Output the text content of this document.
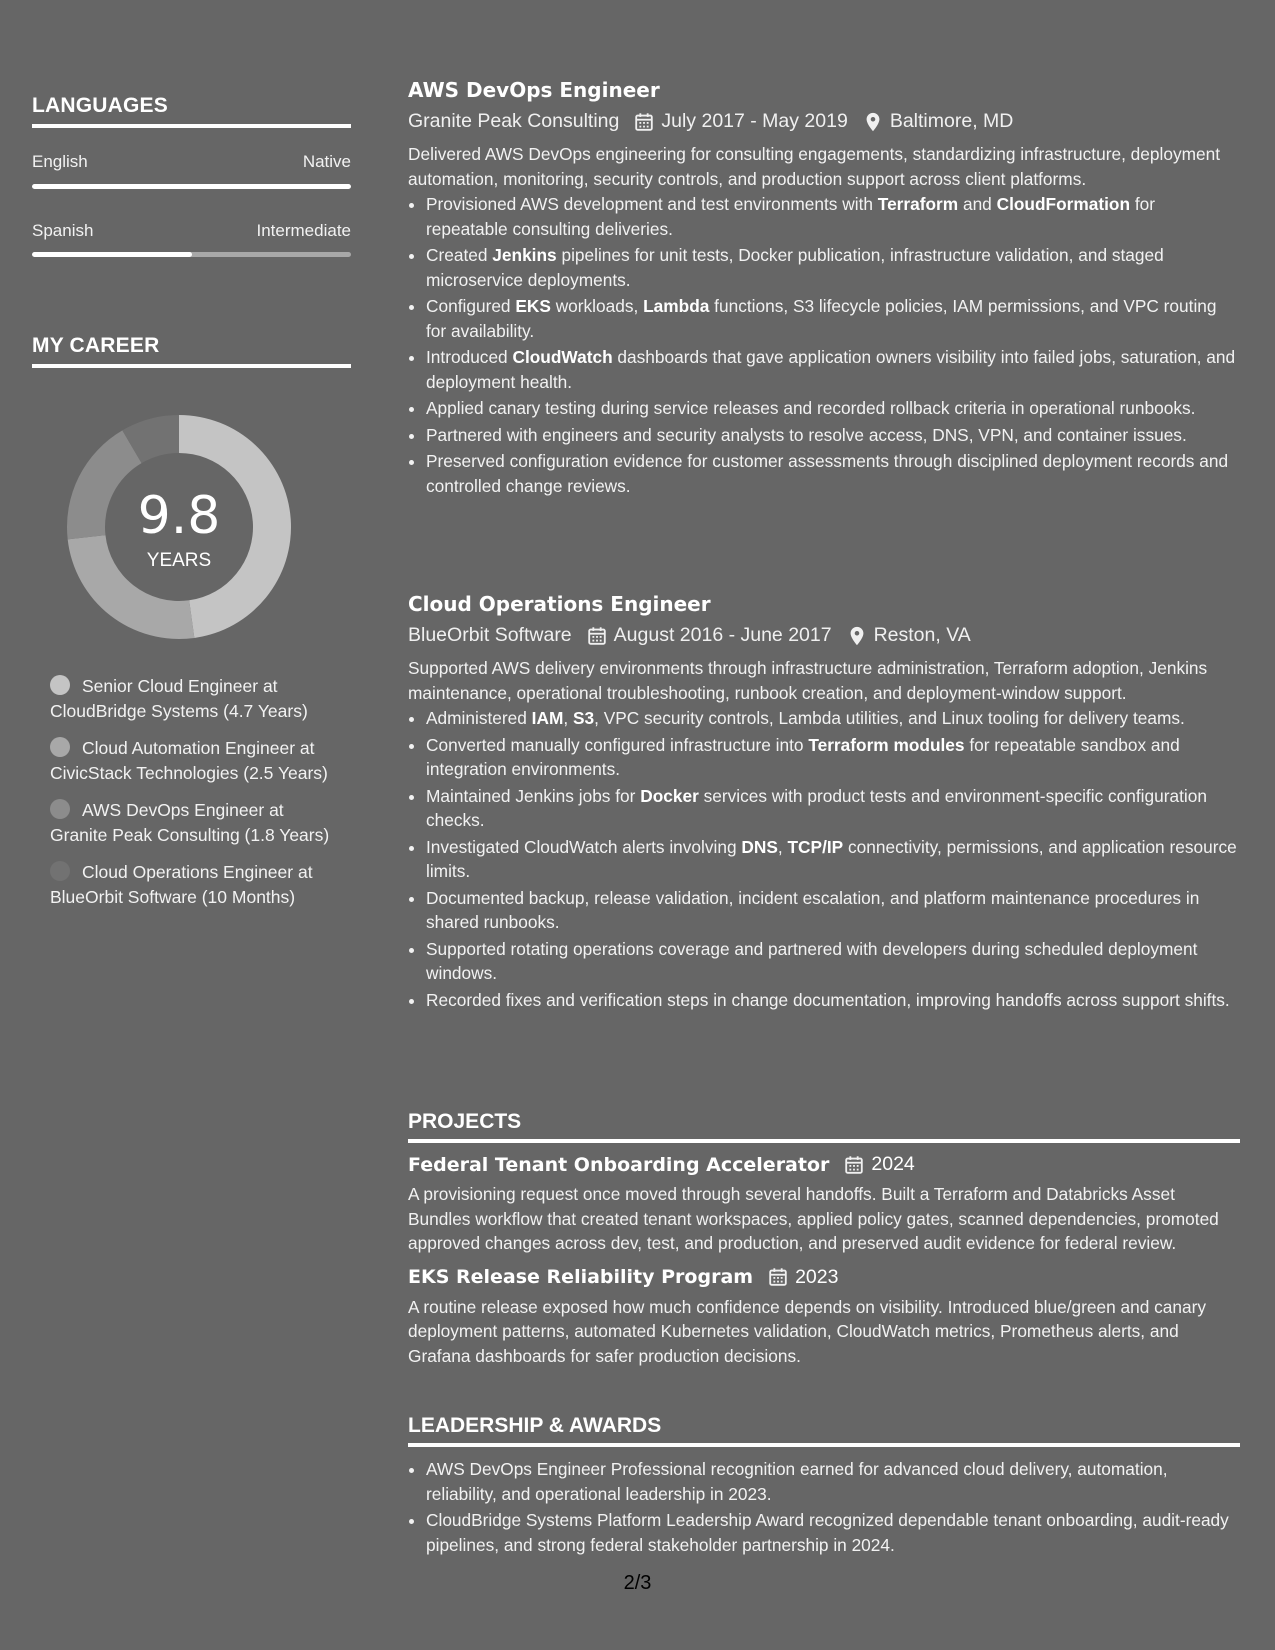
LANGUAGES
English	Native
Spanish	Intermediate
MY CAREER
9.8
YEARS
Senior Cloud Engineer at CloudBridge Systems (4.7 Years)
Cloud Automation Engineer at CivicStack Technologies (2.5 Years)
AWS DevOps Engineer at Granite Peak Consulting (1.8 Years)
Cloud Operations Engineer at BlueOrbit Software (10 Months)
AWS DevOps Engineer
Granite Peak Consulting July 2017 - May 2019 Baltimore, MD
Delivered AWS DevOps engineering for consulting engagements, standardizing infrastructure, deployment automation, monitoring, security controls, and production support across client platforms.
• Provisioned AWS development and test environments with Terraform and CloudFormation for repeatable consulting deliveries.
• Created Jenkins pipelines for unit tests, Docker publication, infrastructure validation, and staged microservice deployments.
• Configured EKS workloads, Lambda functions, S3 lifecycle policies, IAM permissions, and VPC routing for availability.
• Introduced CloudWatch dashboards that gave application owners visibility into failed jobs, saturation, and deployment health.
• Applied canary testing during service releases and recorded rollback criteria in operational runbooks.
• Partnered with engineers and security analysts to resolve access, DNS, VPN, and container issues.
• Preserved configuration evidence for customer assessments through disciplined deployment records and controlled change reviews.
Cloud Operations Engineer
BlueOrbit Software August 2016 - June 2017 Reston, VA
Supported AWS delivery environments through infrastructure administration, Terraform adoption, Jenkins maintenance, operational troubleshooting, runbook creation, and deployment-window support.
• Administered IAM, S3, VPC security controls, Lambda utilities, and Linux tooling for delivery teams.
• Converted manually configured infrastructure into Terraform modules for repeatable sandbox and integration environments.
• Maintained Jenkins jobs for Docker services with product tests and environment-specific configuration checks.
• Investigated CloudWatch alerts involving DNS, TCP/IP connectivity, permissions, and application resource limits.
• Documented backup, release validation, incident escalation, and platform maintenance procedures in shared runbooks.
• Supported rotating operations coverage and partnered with developers during scheduled deployment windows.
• Recorded fixes and verification steps in change documentation, improving handoffs across support shifts.
PROJECTS
Federal Tenant Onboarding Accelerator 2024
A provisioning request once moved through several handoffs. Built a Terraform and Databricks Asset Bundles workflow that created tenant workspaces, applied policy gates, scanned dependencies, promoted approved changes across dev, test, and production, and preserved audit evidence for federal review.
EKS Release Reliability Program 2023
A routine release exposed how much confidence depends on visibility. Introduced blue/green and canary deployment patterns, automated Kubernetes validation, CloudWatch metrics, Prometheus alerts, and Grafana dashboards for safer production decisions.
LEADERSHIP & AWARDS
• AWS DevOps Engineer Professional recognition earned for advanced cloud delivery, automation, reliability, and operational leadership in 2023.
• CloudBridge Systems Platform Leadership Award recognized dependable tenant onboarding, audit-ready pipelines, and strong federal stakeholder partnership in 2024.
2/3
